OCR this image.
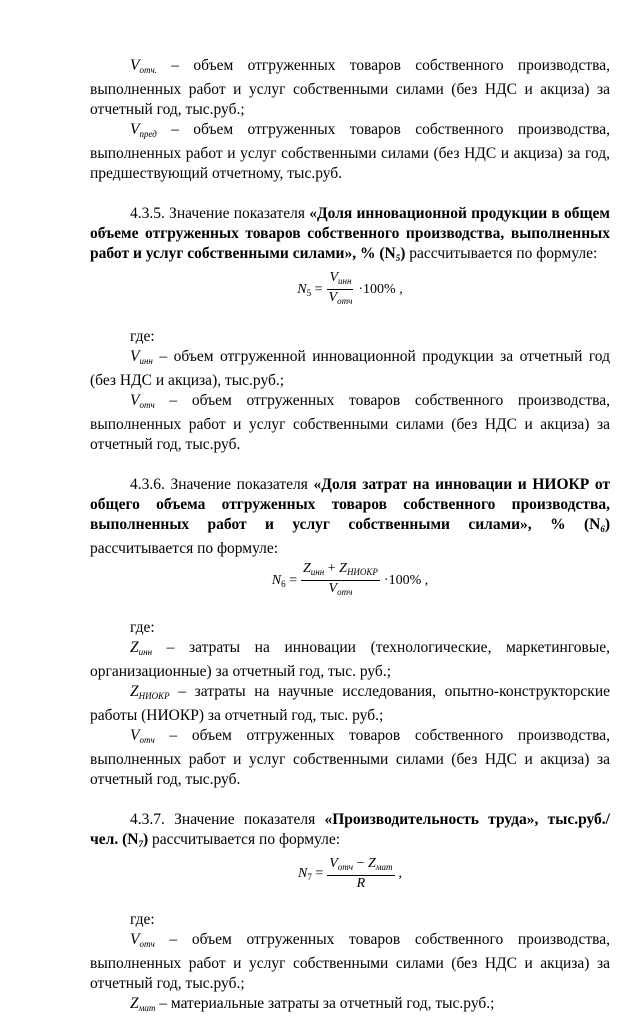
$V_{отч.}$ – объем отгруженных товаров собственного производства, выполненных работ и услуг собственными силами (без НДС и акциза) за отчетный год, тыс.руб.;

$V_{пред}$ – объем отгруженных товаров собственного производства, выполненных работ и услуг собственными силами (без НДС и акциза) за год, предшествующий отчетному, тыс.руб.

4.3.5. Значение показателя «Доля инновационной продукции в общем объеме отгруженных товаров собственного производства, выполненных работ и услуг собственными силами», % $(N_5)$ рассчитывается по формуле:

$N_5 = \frac{V_{инн}}{V_{отч}} \cdot 100\%$ ,

где:

$V_{инн}$ – объем отгруженной инновационной продукции за отчетный год (без НДС и акциза), тыс.руб.;

$V_{отч}$ – объем отгруженных товаров собственного производства, выполненных работ и услуг собственными силами (без НДС и акциза) за отчетный год, тыс.руб.

4.3.6. Значение показателя «Доля затрат на инновации и НИОКР от общего объема отгруженных товаров собственного производства, выполненных работ и услуг собственными силами», % $(N_6)$ рассчитывается по формуле:

$N_6 = \frac{Z_{инн} + Z_{НИОКР}}{V_{отч}} \cdot 100\%$ ,

где:

$Z_{инн}$ – затраты на инновации (технологические, маркетинговые, организационные) за отчетный год, тыс. руб.;

$Z_{НИОКР}$ – затраты на научные исследования, опытно-конструкторские работы (НИОКР) за отчетный год, тыс. руб.;

$V_{отч}$ – объем отгруженных товаров собственного производства, выполненных работ и услуг собственными силами (без НДС и акциза) за отчетный год, тыс.руб.

4.3.7. Значение показателя «Производительность труда», тыс.руб./чел. $(N_7)$ рассчитывается по формуле:

$N_7 = \frac{V_{отч} - Z_{мат}}{R}$ ,

где:

$V_{отч}$ – объем отгруженных товаров собственного производства, выполненных работ и услуг собственными силами (без НДС и акциза) за отчетный год, тыс.руб.;

$Z_{мат}$ – материальные затраты за отчетный год, тыс.руб.;
